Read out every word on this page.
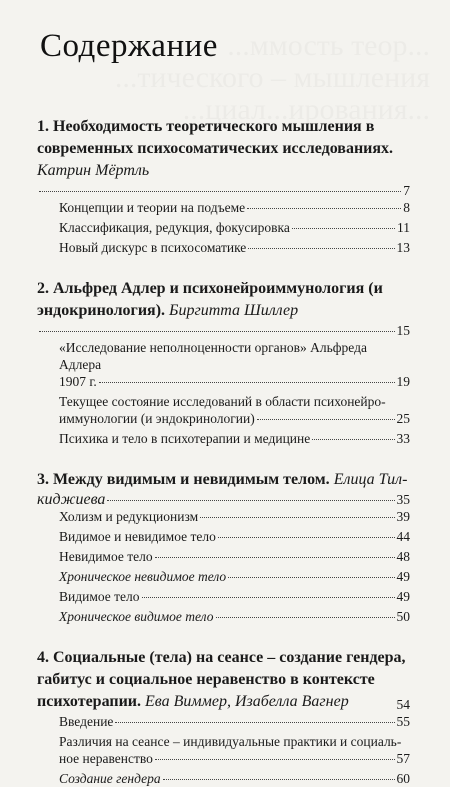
...ммость теор...
...тического – мышления
...циал...ирования...
Содержание

1. Необходимость теоретического мышления в современных психосоматических исследованиях. Катрин Мёртль

7
Концепции и теории на подъеме	8
Классификация, редукция, фокусировка	11
Новый дискурс в психосоматике	13

2. Альфред Адлер и психонейроиммунология (и эндокринология). Биргитта Шиллер

15
«Исследование неполноценности органов» Альфреда Адлера
1907 г.	19
Текущее состояние исследований в области психонейро-
иммунологии (и эндокринологии)	25
Психика и тело в психотерапии и медицине	33

3. Между видимым и невидимым телом. Елица Тил-

киджиева	35
Холизм и редукционизм	39
Видимое и невидимое тело	44
Невидимое тело	48
Хроническое невидимое тело	49
Видимое тело	49
Хроническое видимое тело	50

4. Социальные (тела) на сеансе – создание гендера, габитус и социальное неравенство в контексте психотерапии. Ева Виммер, Изабелла Вагнер	54
Введение	55
Различия на сеансе – индивидуальные практики и социаль-
ное неравенство	57
Создание гендера	60
